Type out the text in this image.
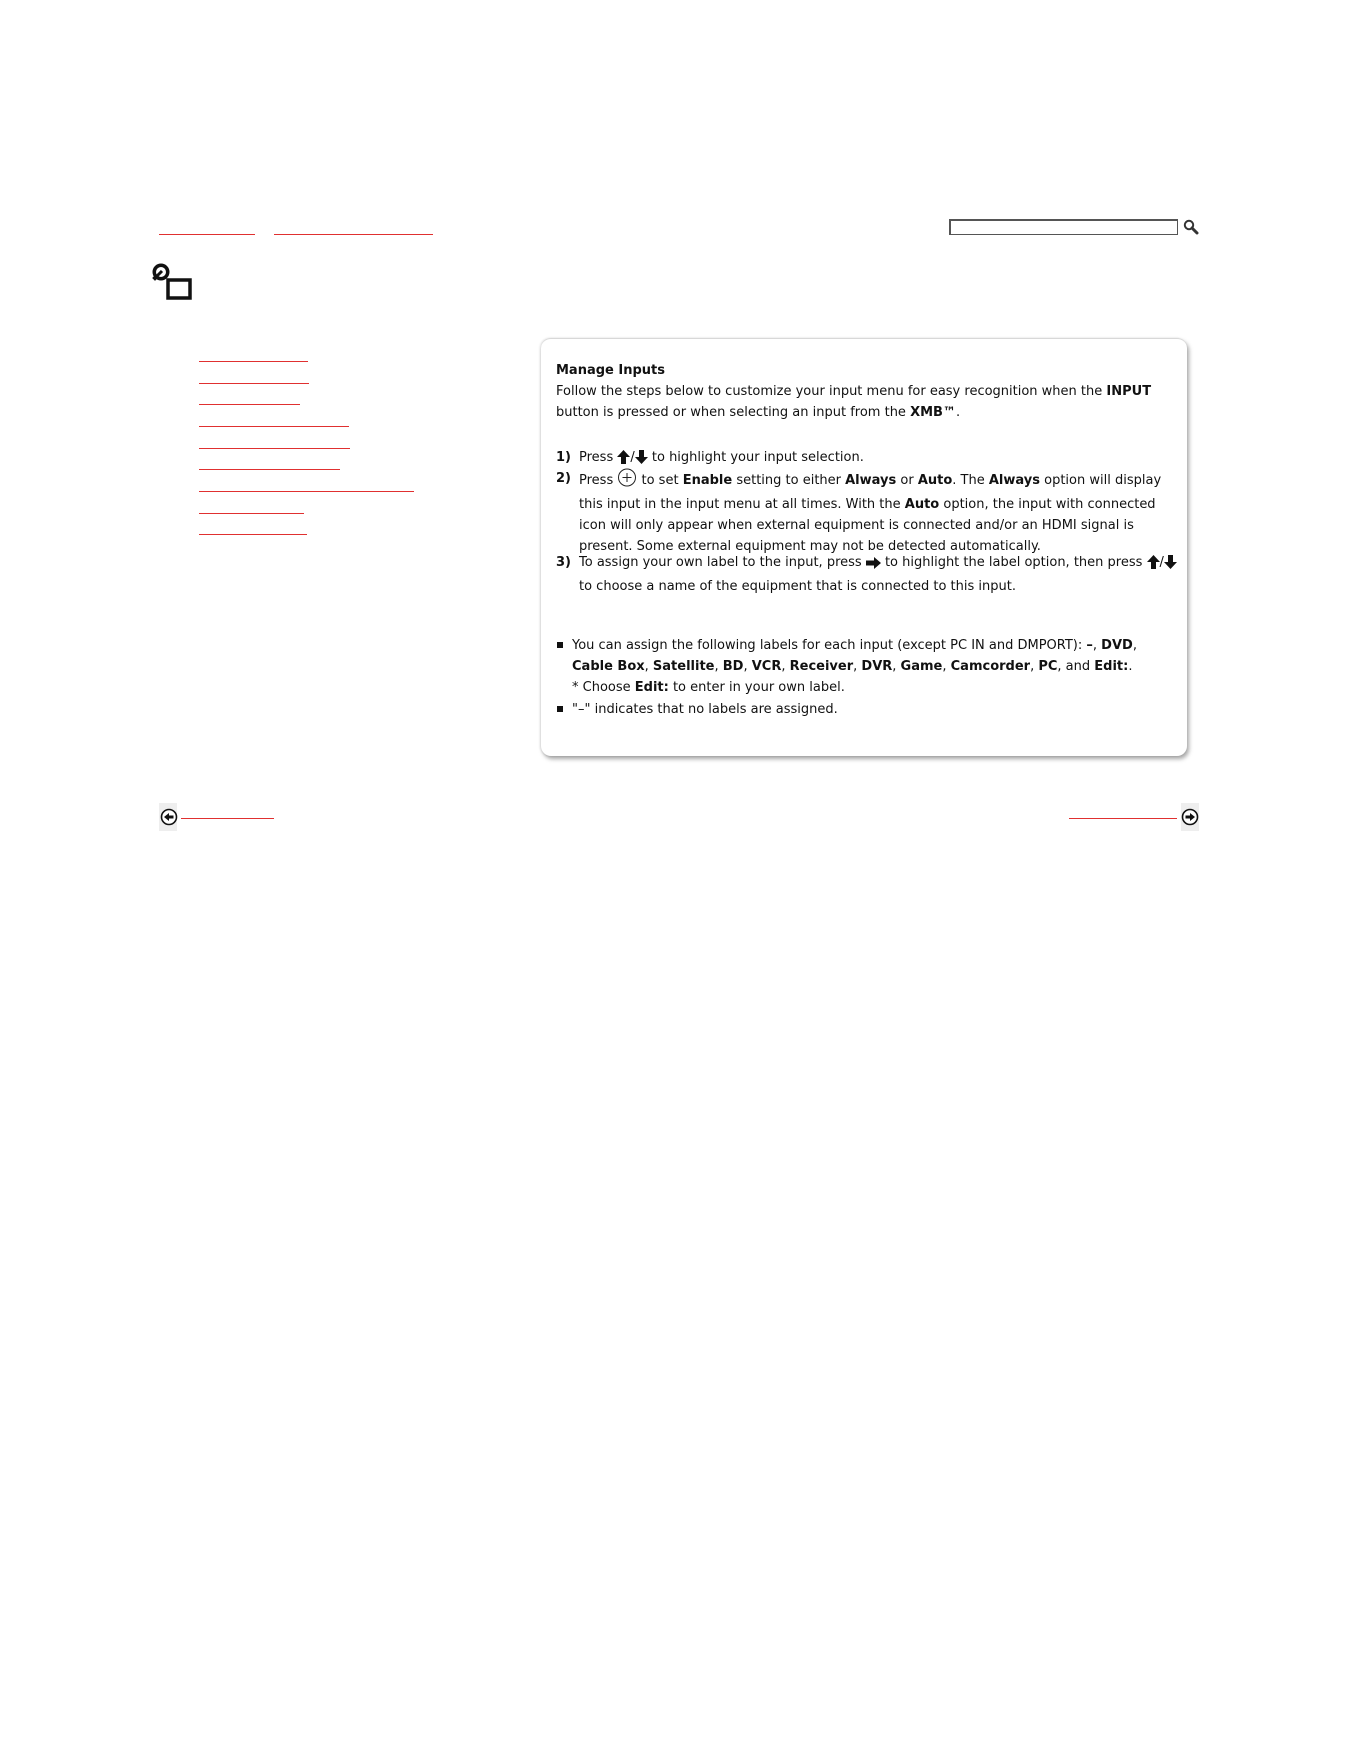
Manage Inputs
Follow the steps below to customize your input menu for easy recognition when the INPUT button is pressed or when selecting an input from the XMB™.
1) Press / to highlight your input selection.
2) Press  to set Enable setting to either Always or Auto. The Always option will display this input in the input menu at all times. With the Auto option, the input with connected icon will only appear when external equipment is connected and/or an HDMI signal is present. Some external equipment may not be detected automatically.
3) To assign your own label to the input, press  to highlight the label option, then press / to choose a name of the equipment that is connected to this input.
You can assign the following labels for each input (except PC IN and DMPORT): –, DVD, Cable Box, Satellite, BD, VCR, Receiver, DVR, Game, Camcorder, PC, and Edit:.
* Choose Edit: to enter in your own label.
"–" indicates that no labels are assigned.
